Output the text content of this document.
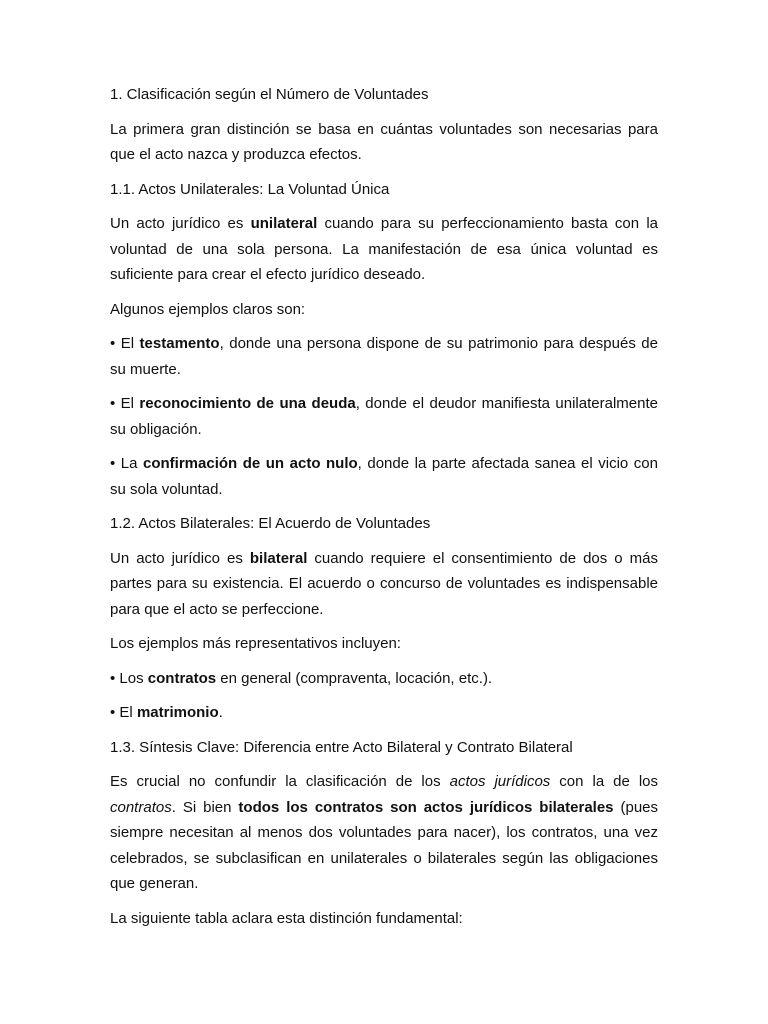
1. Clasificación según el Número de Voluntades

La primera gran distinción se basa en cuántas voluntades son necesarias para que el acto nazca y produzca efectos.

1.1. Actos Unilaterales: La Voluntad Única

Un acto jurídico es unilateral cuando para su perfeccionamiento basta con la voluntad de una sola persona. La manifestación de esa única voluntad es suficiente para crear el efecto jurídico deseado.

Algunos ejemplos claros son:

• El testamento, donde una persona dispone de su patrimonio para después de su muerte.

• El reconocimiento de una deuda, donde el deudor manifiesta unilateralmente su obligación.

• La confirmación de un acto nulo, donde la parte afectada sanea el vicio con su sola voluntad.

1.2. Actos Bilaterales: El Acuerdo de Voluntades

Un acto jurídico es bilateral cuando requiere el consentimiento de dos o más partes para su existencia. El acuerdo o concurso de voluntades es indispensable para que el acto se perfeccione.

Los ejemplos más representativos incluyen:

• Los contratos en general (compraventa, locación, etc.).

• El matrimonio.

1.3. Síntesis Clave: Diferencia entre Acto Bilateral y Contrato Bilateral

Es crucial no confundir la clasificación de los actos jurídicos con la de los contratos. Si bien todos los contratos son actos jurídicos bilaterales (pues siempre necesitan al menos dos voluntades para nacer), los contratos, una vez celebrados, se subclasifican en unilaterales o bilaterales según las obligaciones que generan.

La siguiente tabla aclara esta distinción fundamental:
